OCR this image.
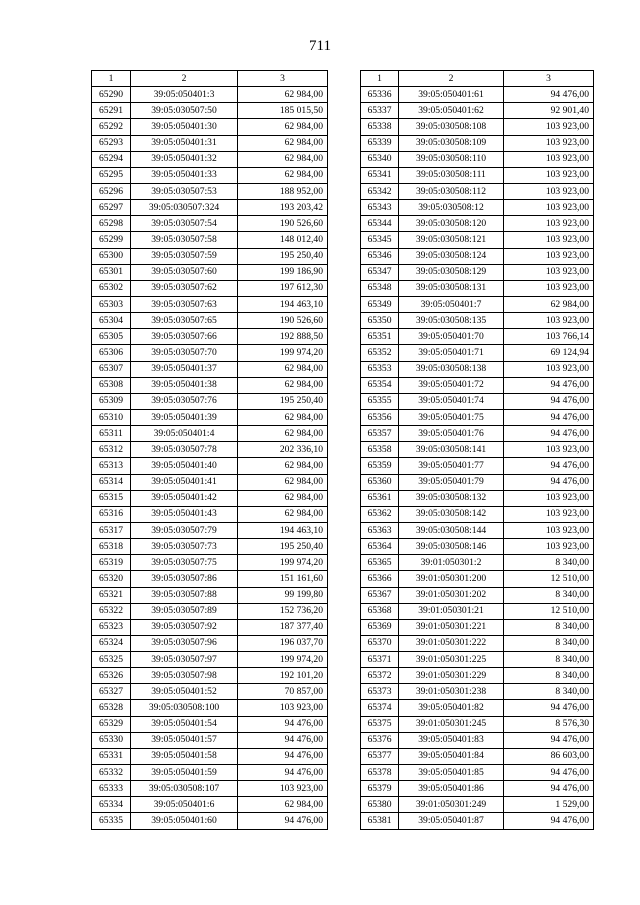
711
1	2	3
65290	39:05:050401:3	62 984,00
65291	39:05:030507:50	185 015,50
65292	39:05:050401:30	62 984,00
65293	39:05:050401:31	62 984,00
65294	39:05:050401:32	62 984,00
65295	39:05:050401:33	62 984,00
65296	39:05:030507:53	188 952,00
65297	39:05:030507:324	193 203,42
65298	39:05:030507:54	190 526,60
65299	39:05:030507:58	148 012,40
65300	39:05:030507:59	195 250,40
65301	39:05:030507:60	199 186,90
65302	39:05:030507:62	197 612,30
65303	39:05:030507:63	194 463,10
65304	39:05:030507:65	190 526,60
65305	39:05:030507:66	192 888,50
65306	39:05:030507:70	199 974,20
65307	39:05:050401:37	62 984,00
65308	39:05:050401:38	62 984,00
65309	39:05:030507:76	195 250,40
65310	39:05:050401:39	62 984,00
65311	39:05:050401:4	62 984,00
65312	39:05:030507:78	202 336,10
65313	39:05:050401:40	62 984,00
65314	39:05:050401:41	62 984,00
65315	39:05:050401:42	62 984,00
65316	39:05:050401:43	62 984,00
65317	39:05:030507:79	194 463,10
65318	39:05:030507:73	195 250,40
65319	39:05:030507:75	199 974,20
65320	39:05:030507:86	151 161,60
65321	39:05:030507:88	99 199,80
65322	39:05:030507:89	152 736,20
65323	39:05:030507:92	187 377,40
65324	39:05:030507:96	196 037,70
65325	39:05:030507:97	199 974,20
65326	39:05:030507:98	192 101,20
65327	39:05:050401:52	70 857,00
65328	39:05:030508:100	103 923,00
65329	39:05:050401:54	94 476,00
65330	39:05:050401:57	94 476,00
65331	39:05:050401:58	94 476,00
65332	39:05:050401:59	94 476,00
65333	39:05:030508:107	103 923,00
65334	39:05:050401:6	62 984,00
65335	39:05:050401:60	94 476,00
1	2	3
65336	39:05:050401:61	94 476,00
65337	39:05:050401:62	92 901,40
65338	39:05:030508:108	103 923,00
65339	39:05:030508:109	103 923,00
65340	39:05:030508:110	103 923,00
65341	39:05:030508:111	103 923,00
65342	39:05:030508:112	103 923,00
65343	39:05:030508:12	103 923,00
65344	39:05:030508:120	103 923,00
65345	39:05:030508:121	103 923,00
65346	39:05:030508:124	103 923,00
65347	39:05:030508:129	103 923,00
65348	39:05:030508:131	103 923,00
65349	39:05:050401:7	62 984,00
65350	39:05:030508:135	103 923,00
65351	39:05:050401:70	103 766,14
65352	39:05:050401:71	69 124,94
65353	39:05:030508:138	103 923,00
65354	39:05:050401:72	94 476,00
65355	39:05:050401:74	94 476,00
65356	39:05:050401:75	94 476,00
65357	39:05:050401:76	94 476,00
65358	39:05:030508:141	103 923,00
65359	39:05:050401:77	94 476,00
65360	39:05:050401:79	94 476,00
65361	39:05:030508:132	103 923,00
65362	39:05:030508:142	103 923,00
65363	39:05:030508:144	103 923,00
65364	39:05:030508:146	103 923,00
65365	39:01:050301:2	8 340,00
65366	39:01:050301:200	12 510,00
65367	39:01:050301:202	8 340,00
65368	39:01:050301:21	12 510,00
65369	39:01:050301:221	8 340,00
65370	39:01:050301:222	8 340,00
65371	39:01:050301:225	8 340,00
65372	39:01:050301:229	8 340,00
65373	39:01:050301:238	8 340,00
65374	39:05:050401:82	94 476,00
65375	39:01:050301:245	8 576,30
65376	39:05:050401:83	94 476,00
65377	39:05:050401:84	86 603,00
65378	39:05:050401:85	94 476,00
65379	39:05:050401:86	94 476,00
65380	39:01:050301:249	1 529,00
65381	39:05:050401:87	94 476,00
